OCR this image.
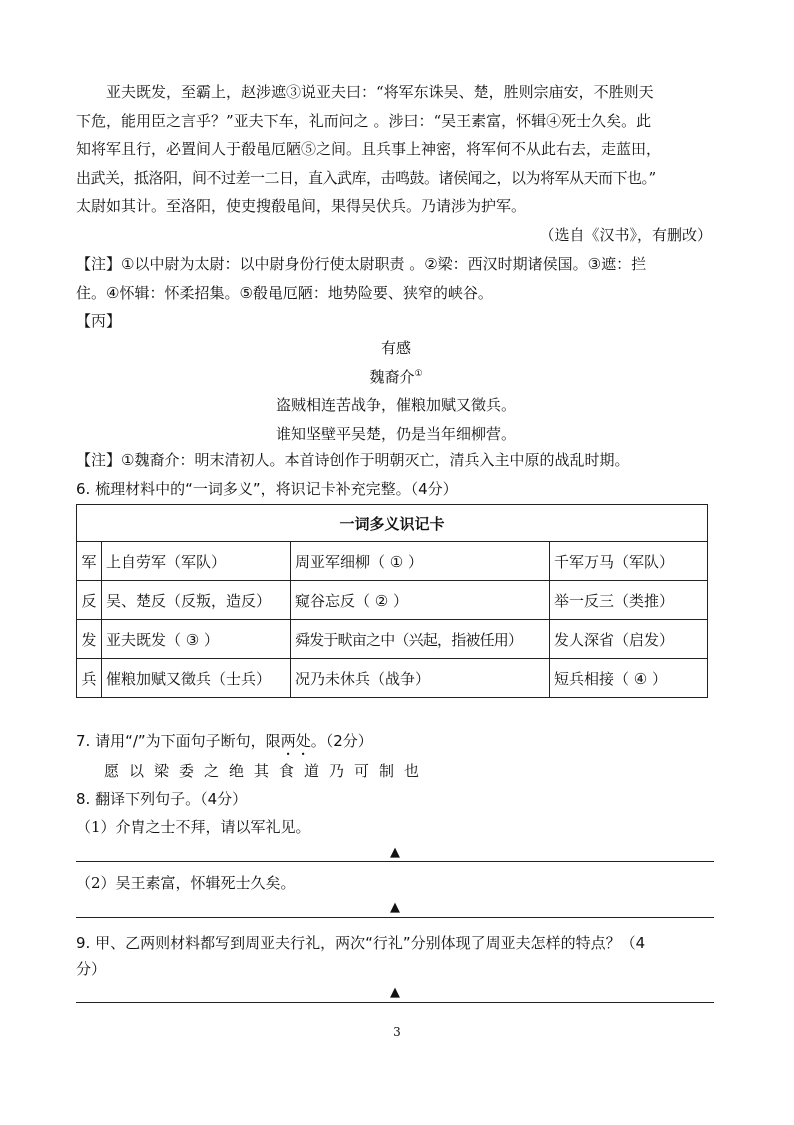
亚夫既发，至霸上，赵涉遮③说亚夫曰：“将军东诛吴、楚，胜则宗庙安，不胜则天

下危，能用臣之言乎？”亚夫下车，礼而问之 。涉曰：“吴王素富，怀辑④死士久矣。此

知将军且行，必置间人于殽黾厄陋⑤之间。且兵事上神密，将军何不从此右去，走蓝田，

出武关，抵洛阳，间不过差一二日，直入武库，击鸣鼓。诸侯闻之，以为将军从天而下也。”

太尉如其计。至洛阳，使吏搜殽黾间，果得吴伏兵。乃请涉为护军。

（选自《汉书》，有删改）

【注】①以中尉为太尉：以中尉身份行使太尉职责 。②梁：西汉时期诸侯国。③遮：拦

住。④怀辑：怀柔招集。⑤殽黾厄陋：地势险要、狭窄的峡谷。

【丙】

有感

魏裔介①

盗贼相连苦战争，催粮加赋又徵兵。

谁知坚壁平吴楚，仍是当年细柳营。

【注】①魏裔介：明末清初人。本首诗创作于明朝灭亡，清兵入主中原的战乱时期。

6. 梳理材料中的“一词多义”，将识记卡补充完整。（4分）

一词多义识记卡			
军	上自劳军（军队）	周亚军细柳（ ① ）	千军万马（军队）
反	吴、楚反（反叛，造反）	窥谷忘反（ ② ）	举一反三（类推）
发	亚夫既发（ ③ ）	舜发于畎亩之中（兴起，指被任用）	发人深省（启发）
兵	催粮加赋又徵兵（士兵）	况乃未休兵（战争）	短兵相接（ ④ ）
7. 请用“/”为下面句子断句，限两处。（2分）
愿以梁委之绝其食道乃可制也
8. 翻译下列句子。（4分）
（1）介胄之士不拜，请以军礼见。
▲
（2）吴王素富，怀辑死士久矣。
▲
9. 甲、乙两则材料都写到周亚夫行礼，两次“行礼”分别体现了周亚夫怎样的特点？（4
分）
▲
3
